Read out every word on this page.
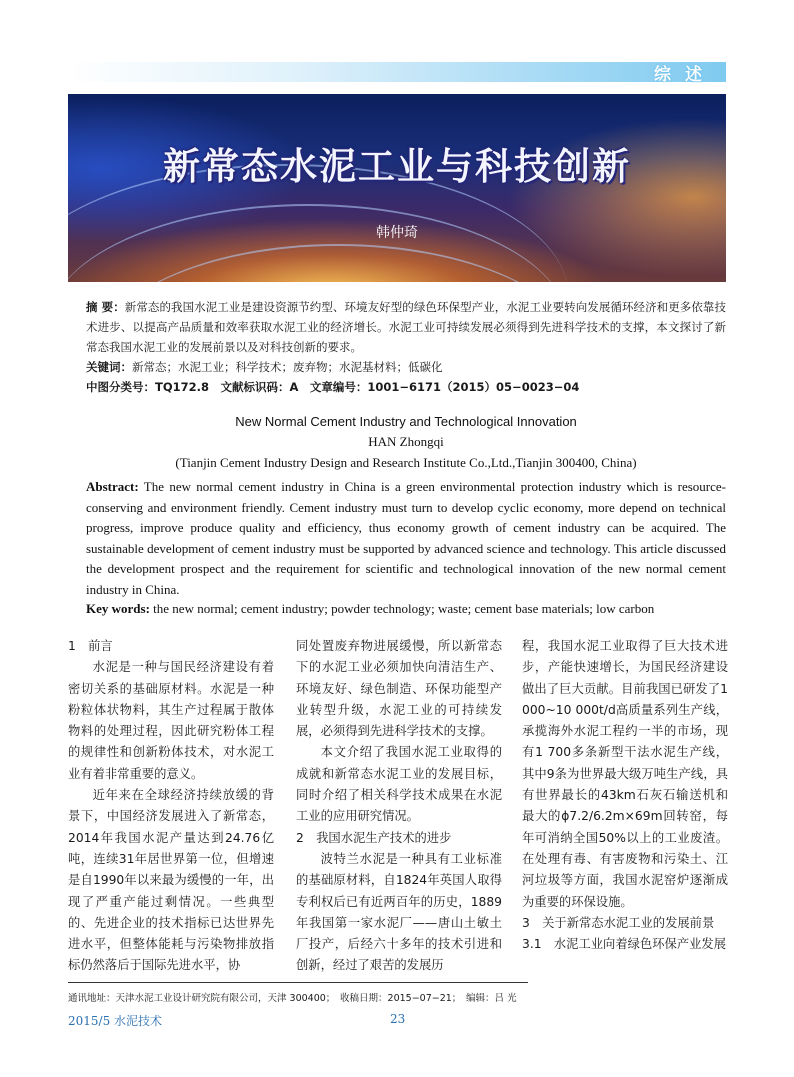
综述
新常态水泥工业与科技创新
韩仲琦

摘 要：新常态的我国水泥工业是建设资源节约型、环境友好型的绿色环保型产业，水泥工业要转向发展循环经济和更多依靠技术进步、以提高产品质量和效率获取水泥工业的经济增长。水泥工业可持续发展必须得到先进科学技术的支撑，本文探讨了新常态我国水泥工业的发展前景以及对科技创新的要求。

关键词：新常态；水泥工业；科学技术；废弃物；水泥基材料；低碳化

中图分类号：TQ172.8　文献标识码：A　文章编号：1001−6171（2015）05−0023−04

New Normal Cement Industry and Technological Innovation
HAN Zhongqi
(Tianjin Cement Industry Design and Research Institute Co.,Ltd.,Tianjin 300400, China)
Abstract: The new normal cement industry in China is a green environmental protection industry which is resource-conserving and environment friendly. Cement industry must turn to develop cyclic economy, more depend on technical progress, improve produce quality and efficiency, thus economy growth of cement industry can be acquired. The sustainable development of cement industry must be supported by advanced science and technology. This article discussed the development prospect and the requirement for scientific and technological innovation of the new normal cement industry in China.
Key words: the new normal; cement industry; powder technology; waste; cement base materials; low carbon

1　前言

水泥是一种与国民经济建设有着密切关系的基础原材料。水泥是一种粉粒体状物料，其生产过程属于散体物料的处理过程，因此研究粉体工程的规律性和创新粉体技术，对水泥工业有着非常重要的意义。

近年来在全球经济持续放缓的背景下，中国经济发展进入了新常态，2014年我国水泥产量达到24.76亿吨，连续31年居世界第一位，但增速是自1990年以来最为缓慢的一年，出现了严重产能过剩情况。一些典型的、先进企业的技术指标已达世界先进水平，但整体能耗与污染物排放指标仍然落后于国际先进水平，协

同处置废弃物进展缓慢，所以新常态下的水泥工业必须加快向清洁生产、环境友好、绿色制造、环保功能型产业转型升级，水泥工业的可持续发展，必须得到先进科学技术的支撑。

本文介绍了我国水泥工业取得的成就和新常态水泥工业的发展目标，同时介绍了相关科学技术成果在水泥工业的应用研究情况。

2　我国水泥生产技术的进步

波特兰水泥是一种具有工业标准的基础原材料，自1824年英国人取得专利权后已有近两百年的历史，1889年我国第一家水泥厂——唐山土敏土厂投产，后经六十多年的技术引进和创新，经过了艰苦的发展历

程，我国水泥工业取得了巨大技术进步，产能快速增长，为国民经济建设做出了巨大贡献。目前我国已研发了1 000~10 000t/d高质量系列生产线，承揽海外水泥工程约一半的市场，现有1 700多条新型干法水泥生产线，其中9条为世界最大级万吨生产线，具有世界最长的43km石灰石输送机和最大的ϕ7.2/6.2m×69m回转窑，每年可消纳全国50%以上的工业废渣。在处理有毒、有害废物和污染土、江河垃圾等方面，我国水泥窑炉逐渐成为重要的环保设施。

3　关于新常态水泥工业的发展前景

3.1　水泥工业向着绿色环保产业发展

通讯地址：天津水泥工业设计研究院有限公司，天津 300400；　收稿日期：2015−07−21；　编辑：吕 光
2015/5 水泥技术	23
